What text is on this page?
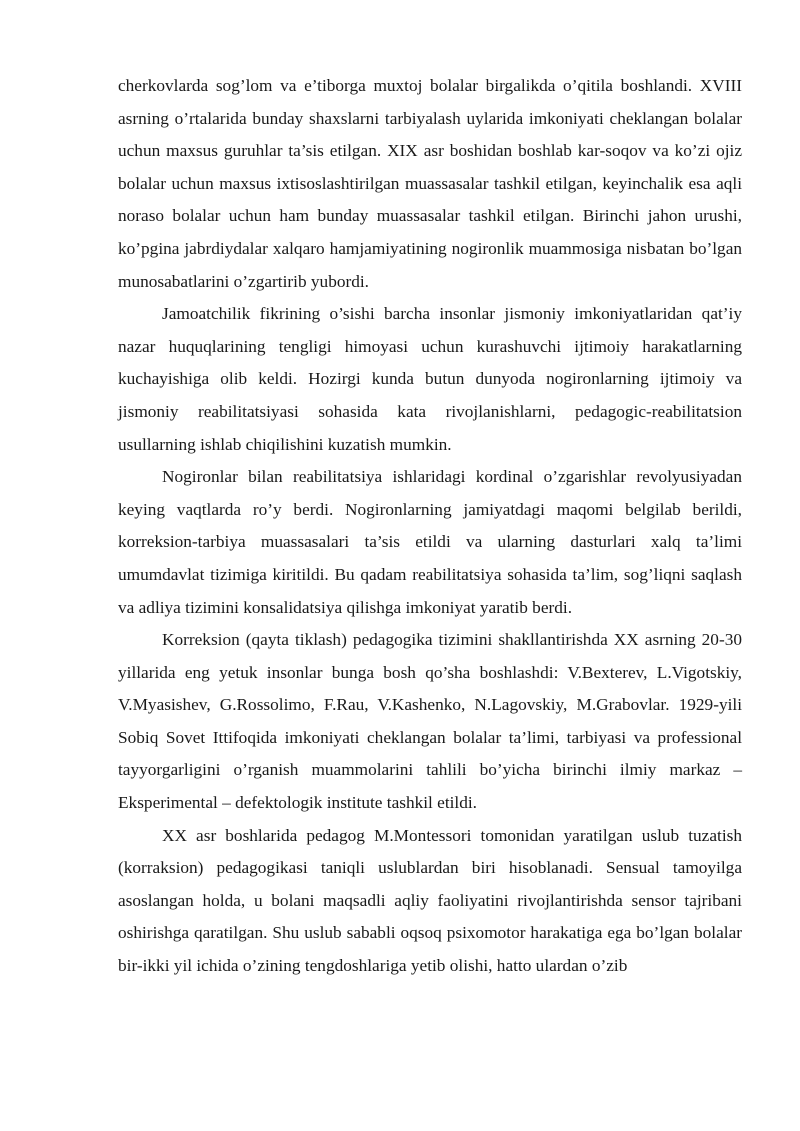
cherkovlarda sog’lom va e’tiborga muxtoj bolalar birgalikda o’qitila boshlandi. XVIII asrning o’rtalarida bunday shaxslarni tarbiyalash uylarida imkoniyati cheklangan bolalar uchun maxsus guruhlar ta’sis etilgan. XIX asr boshidan boshlab kar-soqov va ko’zi ojiz bolalar uchun maxsus ixtisoslashtirilgan muassasalar tashkil etilgan, keyinchalik esa aqli noraso bolalar uchun ham bunday muassasalar tashkil etilgan. Birinchi jahon urushi, ko’pgina jabrdiydalar xalqaro hamjamiyatining nogironlik muammosiga nisbatan bo’lgan munosabatlarini o’zgartirib yubordi.

Jamoatchilik fikrining o’sishi barcha insonlar jismoniy imkoniyatlaridan qat’iy nazar huquqlarining tengligi himoyasi uchun kurashuvchi ijtimoiy harakatlarning kuchayishiga olib keldi. Hozirgi kunda butun dunyoda nogironlarning ijtimoiy va jismoniy reabilitatsiyasi sohasida kata rivojlanishlarni, pedagogic-reabilitatsion usullarning ishlab chiqilishini kuzatish mumkin.

Nogironlar bilan reabilitatsiya ishlaridagi kordinal o’zgarishlar revolyusiyadan keying vaqtlarda ro’y berdi. Nogironlarning jamiyatdagi maqomi belgilab berildi, korreksion-tarbiya muassasalari ta’sis etildi va ularning dasturlari xalq ta’limi umumdavlat tizimiga kiritildi. Bu qadam reabilitatsiya sohasida ta’lim, sog’liqni saqlash va adliya tizimini konsalidatsiya qilishga imkoniyat yaratib berdi.

Korreksion (qayta tiklash) pedagogika tizimini shakllantirishda XX asrning 20-30 yillarida eng yetuk insonlar bunga bosh qo’sha boshlashdi: V.Bexterev, L.Vigotskiy, V.Myasishev, G.Rossolimo, F.Rau, V.Kashenko, N.Lagovskiy, M.Grabovlar. 1929-yili Sobiq Sovet Ittifoqida imkoniyati cheklangan bolalar ta’limi, tarbiyasi va professional tayyorgarligini o’rganish muammolarini tahlili bo’yicha birinchi ilmiy markaz – Eksperimental – defektologik institute tashkil etildi.

XX asr boshlarida pedagog M.Montessori tomonidan yaratilgan uslub tuzatish (korraksion) pedagogikasi taniqli uslublardan biri hisoblanadi. Sensual tamoyilga asoslangan holda, u bolani maqsadli aqliy faoliyatini rivojlantirishda sensor tajribani oshirishga qaratilgan. Shu uslub sababli oqsoq psixomotor harakatiga ega bo’lgan bolalar bir-ikki yil ichida o’zining tengdoshlariga yetib olishi, hatto ulardan o’zib
